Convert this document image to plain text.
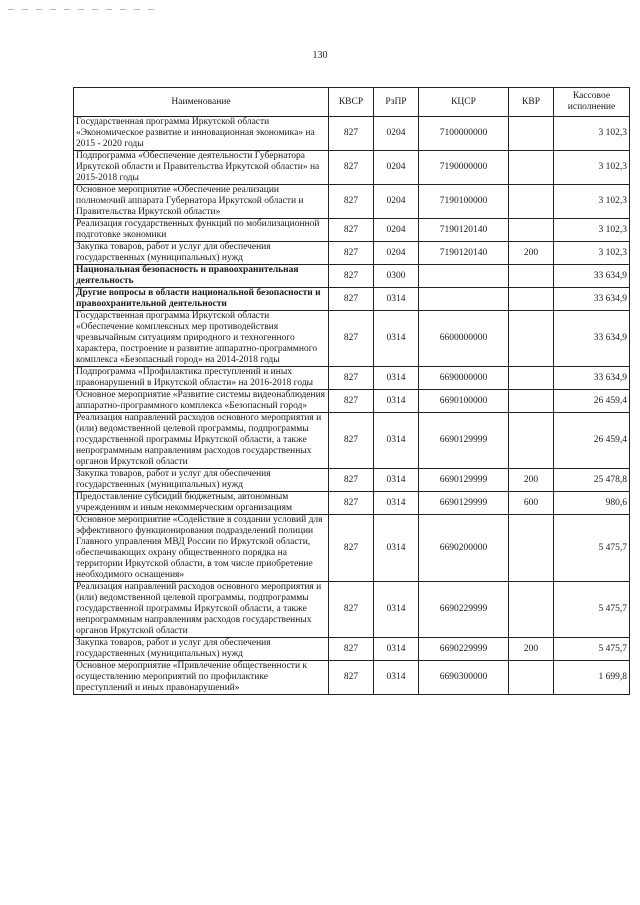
130
Наименование	КВСР	РзПР	КЦСР	КВР	Кассовое исполнение
Государственная программа Иркутской области «Экономическое развитие и инновационная экономика» на 2015 - 2020 годы	827	0204	7100000000		3 102,3
Подпрограмма «Обеспечение деятельности Губернатора Иркутской области и Правительства Иркутской области» на 2015-2018 годы	827	0204	7190000000		3 102,3
Основное мероприятие «Обеспечение реализации полномочий аппарата Губернатора Иркутской области и Правительства Иркутской области»	827	0204	7190100000		3 102,3
Реализация государственных функций по мобилизационной подготовке экономики	827	0204	7190120140		3 102,3
Закупка товаров, работ и услуг для обеспечения государственных (муниципальных) нужд	827	0204	7190120140	200	3 102,3
Национальная безопасность и правоохранительная деятельность	827	0300			33 634,9
Другие вопросы в области национальной безопасности и правоохранительной деятельности	827	0314			33 634,9
Государственная программа Иркутской области «Обеспечение комплексных мер противодействия чрезвычайным ситуациям природного и техногенного характера, построение и развитие аппаратно-программного комплекса «Безопасный город» на 2014-2018 годы	827	0314	6600000000		33 634,9
Подпрограмма «Профилактика преступлений и иных правонарушений в Иркутской области» на 2016-2018 годы	827	0314	6690000000		33 634,9
Основное мероприятие «Развитие системы видеонаблюдения аппаратно-программного комплекса «Безопасный город»	827	0314	6690100000		26 459,4
Реализация направлений расходов основного мероприятия и (или) ведомственной целевой программы, подпрограммы государственной программы Иркутской области, а также непрограммным направлениям расходов государственных органов Иркутской области	827	0314	6690129999		26 459,4
Закупка товаров, работ и услуг для обеспечения государственных (муниципальных) нужд	827	0314	6690129999	200	25 478,8
Предоставление субсидий бюджетным, автономным учреждениям и иным некоммерческим организациям	827	0314	6690129999	600	980,6
Основное мероприятие «Содействие в создании условий для эффективного функционирования подразделений полиции Главного управления МВД России по Иркутской области, обеспечивающих охрану общественного порядка на территории Иркутской области, в том числе приобретение необходимого оснащения»	827	0314	6690200000		5 475,7
Реализация направлений расходов основного мероприятия и (или) ведомственной целевой программы, подпрограммы государственной программы Иркутской области, а также непрограммным направлениям расходов государственных органов Иркутской области	827	0314	6690229999		5 475,7
Закупка товаров, работ и услуг для обеспечения государственных (муниципальных) нужд	827	0314	6690229999	200	5 475,7
Основное мероприятие «Привлечение общественности к осуществлению мероприятий по профилактике преступлений и иных правонарушений»	827	0314	6690300000		1 699,8
